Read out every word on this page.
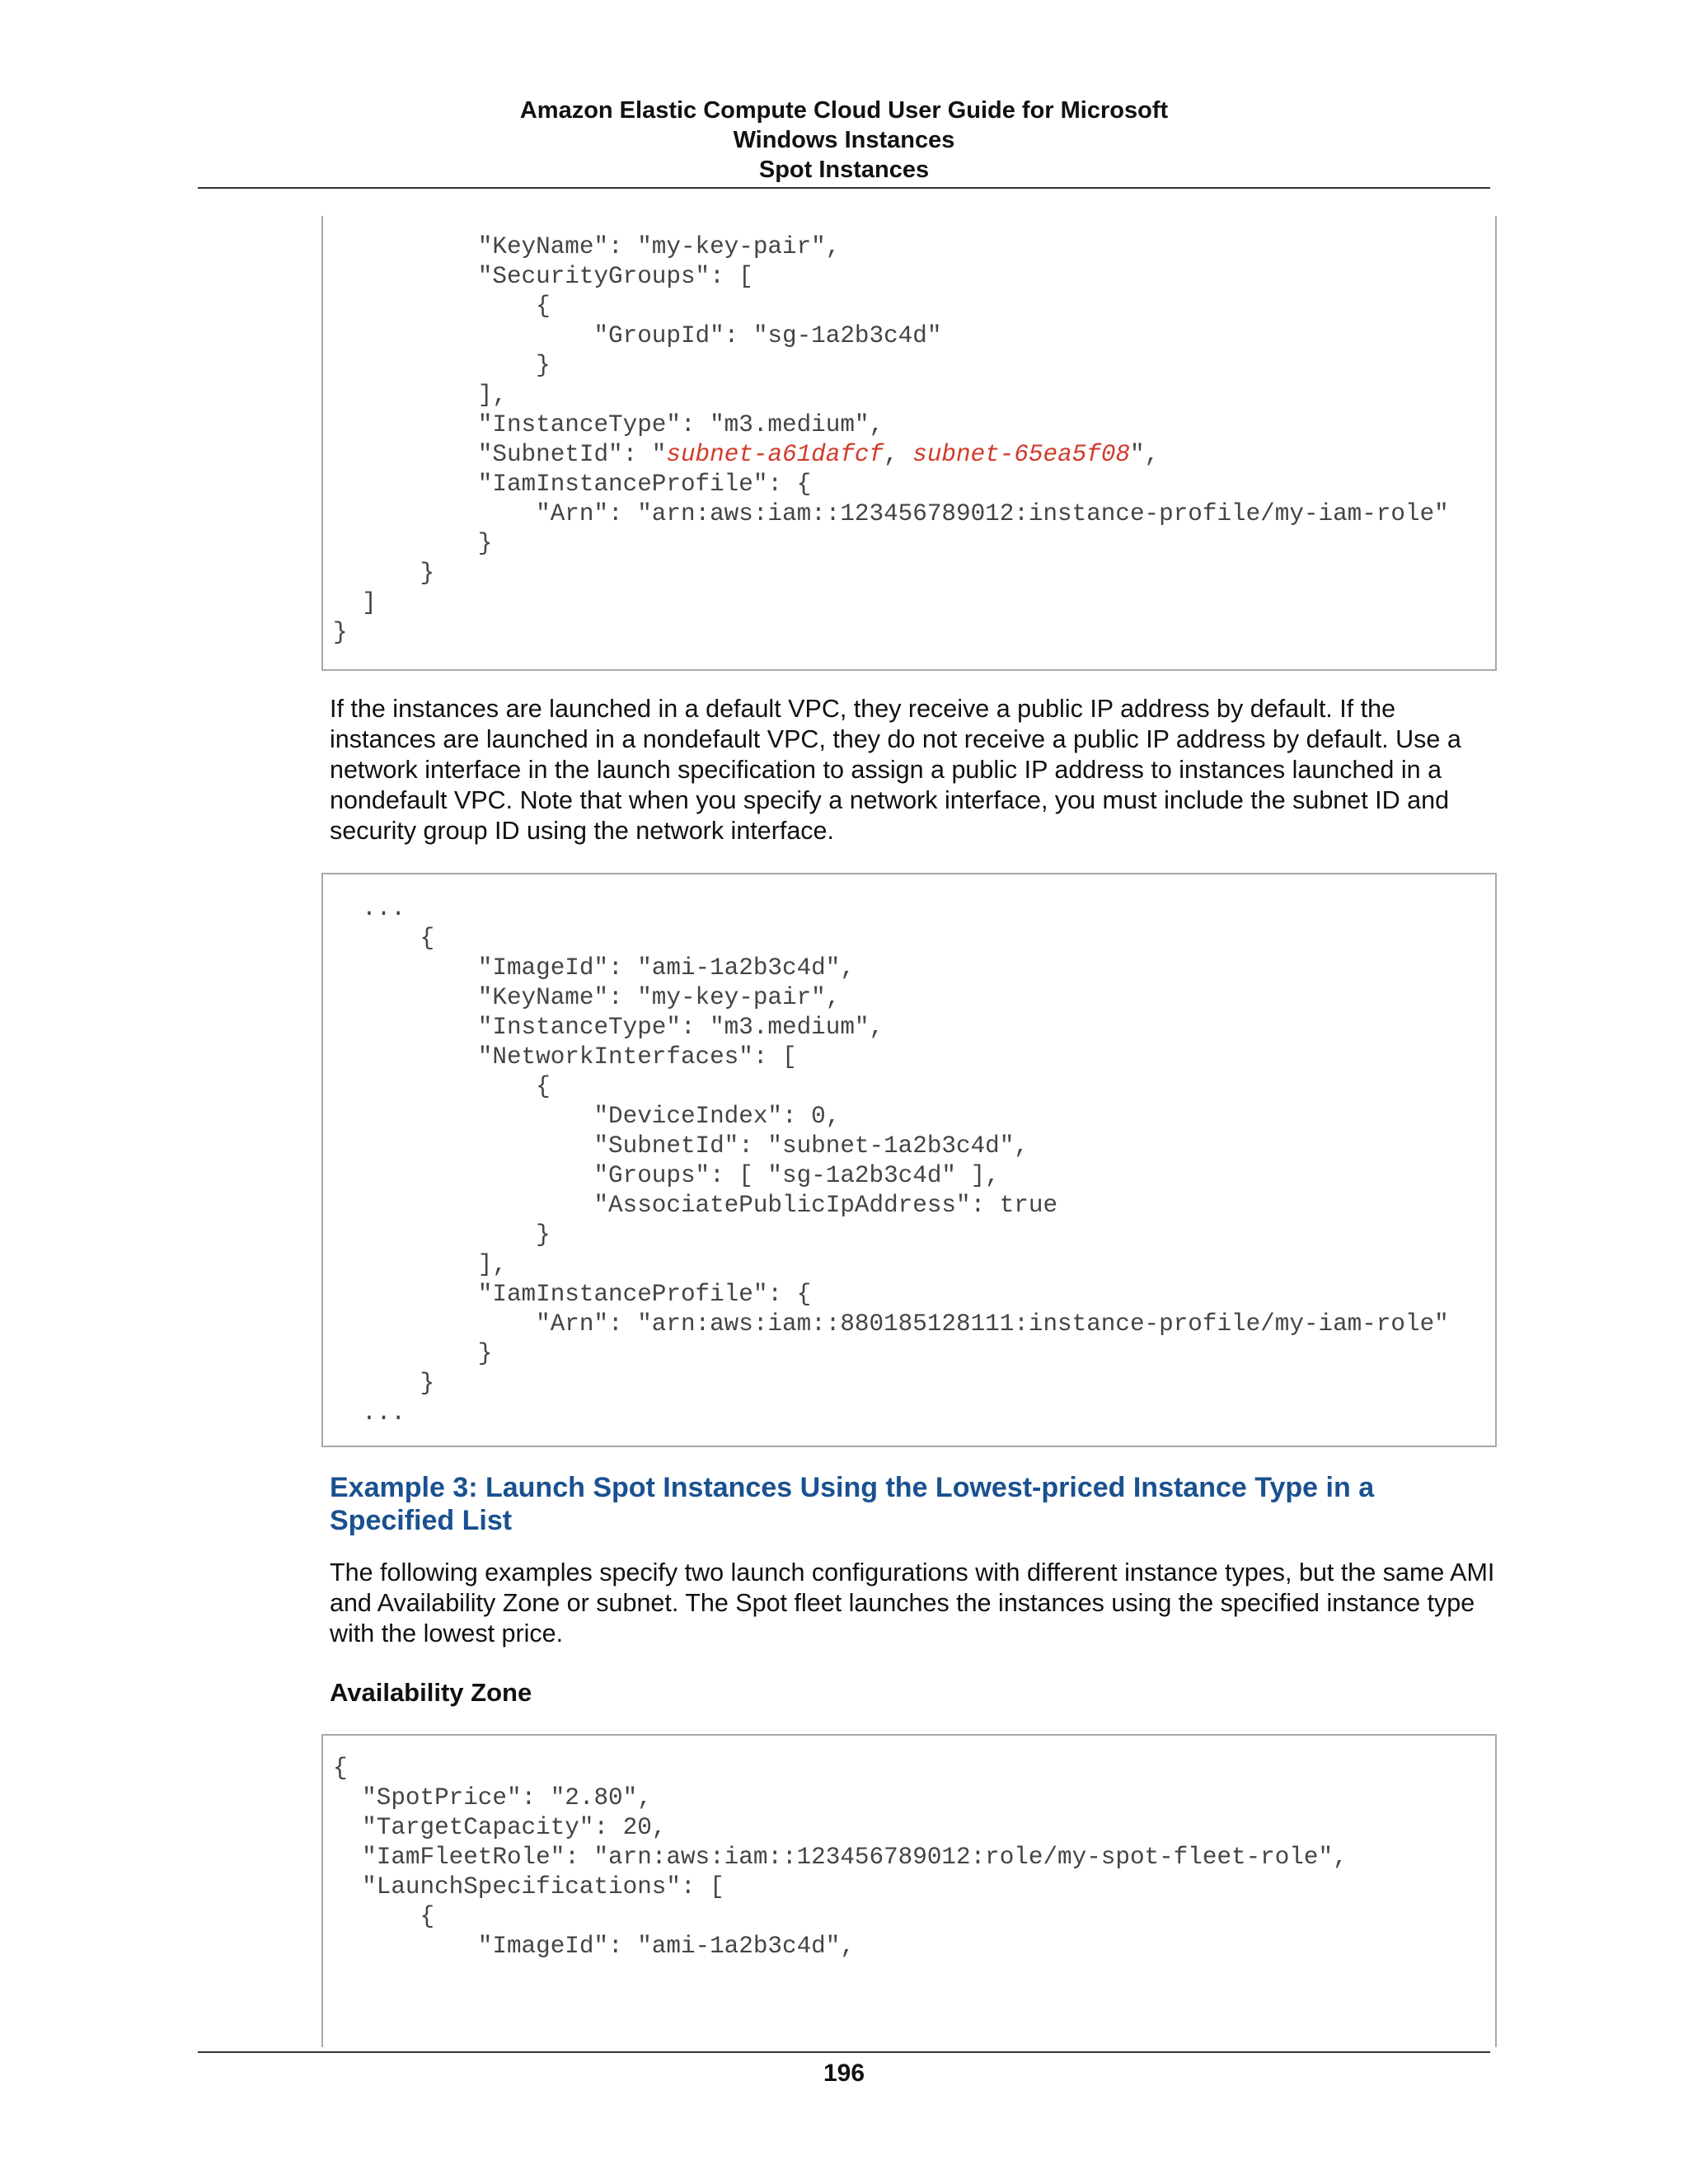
Amazon Elastic Compute Cloud User Guide for Microsoft
Windows Instances
Spot Instances
"KeyName": "my-key-pair",
"SecurityGroups": [
{
"GroupId": "sg-1a2b3c4d"
}
],
"InstanceType": "m3.medium",
"SubnetId": "subnet-a61dafcf, subnet-65ea5f08",
"IamInstanceProfile": {
"Arn": "arn:aws:iam::123456789012:instance-profile/my-iam-role"
}
}
]
}
If the instances are launched in a default VPC, they receive a public IP address by default. If the instances are launched in a nondefault VPC, they do not receive a public IP address by default. Use a network interface in the launch specification to assign a public IP address to instances launched in a nondefault VPC. Note that when you specify a network interface, you must include the subnet ID and security group ID using the network interface.
...
{
"ImageId": "ami-1a2b3c4d",
"KeyName": "my-key-pair",
"InstanceType": "m3.medium",
"NetworkInterfaces": [
{
"DeviceIndex": 0,
"SubnetId": "subnet-1a2b3c4d",
"Groups": [ "sg-1a2b3c4d" ],
"AssociatePublicIpAddress": true
}
],
"IamInstanceProfile": {
"Arn": "arn:aws:iam::880185128111:instance-profile/my-iam-role"
}
}
...
Example 3: Launch Spot Instances Using the Lowest-priced Instance Type in a Specified List
The following examples specify two launch configurations with different instance types, but the same AMI and Availability Zone or subnet. The Spot fleet launches the instances using the specified instance type with the lowest price.
Availability Zone
{
"SpotPrice": "2.80",
"TargetCapacity": 20,
"IamFleetRole": "arn:aws:iam::123456789012:role/my-spot-fleet-role",
"LaunchSpecifications": [
{
"ImageId": "ami-1a2b3c4d",
196
